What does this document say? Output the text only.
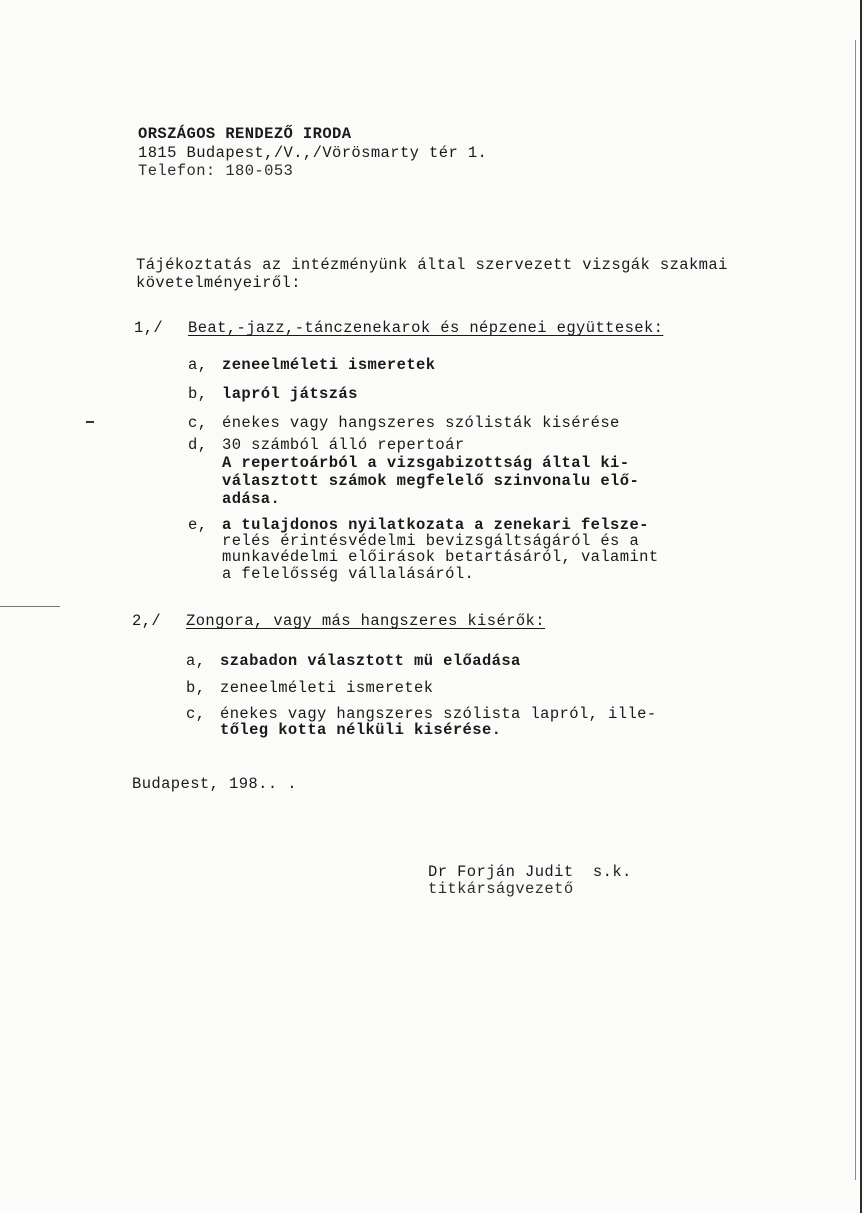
ORSZÁGOS RENDEZŐ IRODA
1815 Budapest,/V.,/Vörösmarty tér 1.
Telefon: 180-053
Tájékoztatás az intézményünk által szervezett vizsgák szakmai
követelményeiről:
1,/ Beat,-jazz,-tánczenekarok és népzenei együttesek:
a, zeneelméleti ismeretek
b, lapról játszás
c, énekes vagy hangszeres szólisták kisérése
d, 30 számból álló repertoár
A repertoárból a vizsgabizottság által ki-
választott számok megfelelő szinvonalu elő-
adása.
e, a tulajdonos nyilatkozata a zenekari felsze-
relés érintésvédelmi bevizsgáltságáról és a
munkavédelmi előirások betartásáról, valamint
a felelősség vállalásáról.
2,/ Zongora, vagy más hangszeres kisérők:
a, szabadon választott mü előadása
b, zeneelméleti ismeretek
c, énekes vagy hangszeres szólista lapról, ille-
tőleg kotta nélküli kisérése.
Budapest, 198.. .
Dr Forján Judit  s.k.
titkárságvezető
